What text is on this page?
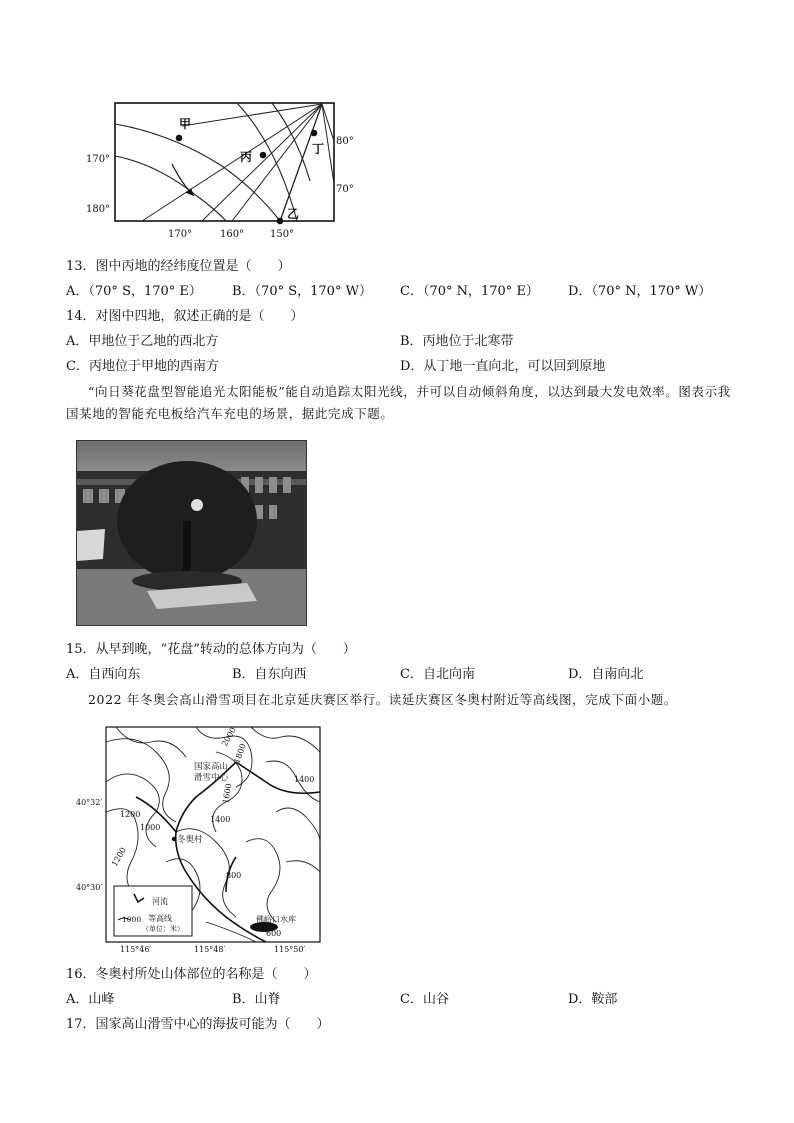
甲
丙
丁
乙
170°
180°
80°
70°
170°	160°	150°
13．图中丙地的经纬度位置是（　　）
A．（70° S，170° E） B．（70° S，170° W） C．（70° N，170° E） D．（70° N，170° W）
14．对图中四地，叙述正确的是（　　）
A．甲地位于乙地的西北方	B．丙地位于北寒带
C．丙地位于甲地的西南方	D．从丁地一直向北，可以回到原地
“向日葵花盘型智能追光太阳能板”能自动追踪太阳光线，并可以自动倾斜角度，以达到最大发电效率。图表示我国某地的智能充电板给汽车充电的场景，据此完成下题。
15．从早到晚，“花盘”转动的总体方向为（　　）
A．自西向东	B．自东向西	C．自北向南	D．自南向北
2022 年冬奥会高山滑雪项目在北京延庆赛区举行。读延庆赛区冬奥村附近等高线图，完成下面小题。
国家高山
滑雪中心
冬奥村
佛峪口水库
2000
1800
1600
1400
1400
1200
1000
1200
800
600
40°32′
40°30′
115°46′	115°48′	115°50′
河流
1000 等高线
（单位：米）
16．冬奥村所处山体部位的名称是（　　）
A．山峰	B．山脊	C．山谷	D．鞍部
17．国家高山滑雪中心的海拔可能为（　　）
